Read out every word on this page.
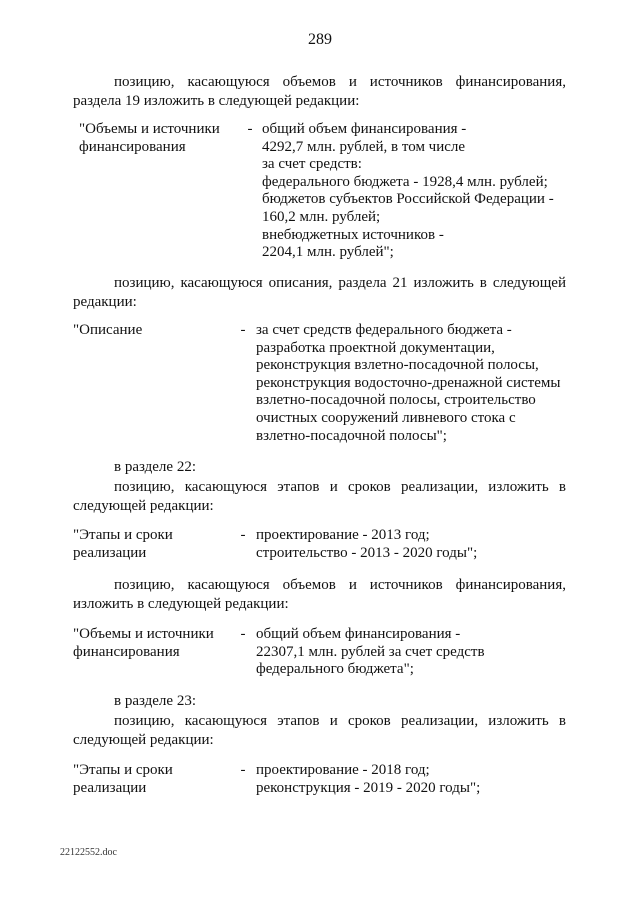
289
позицию, касающуюся объемов и источников финансирования,
раздела 19 изложить в следующей редакции:
"Объемы и источники
финансирования
- общий объем финансирования -
4292,7 млн. рублей, в том числе
за счет средств:
федерального бюджета - 1928,4 млн. рублей;
бюджетов субъектов Российской Федерации -
160,2 млн. рублей;
внебюджетных источников -
2204,1 млн. рублей";
позицию, касающуюся описания, раздела 21 изложить в следующей
редакции:
"Описание	- за счет средств федерального бюджета -
разработка проектной документации,
реконструкция взлетно-посадочной полосы,
реконструкция водосточно-дренажной системы
взлетно-посадочной полосы, строительство
очистных сооружений ливневого стока с
взлетно-посадочной полосы";
в разделе 22:
позицию, касающуюся этапов и сроков реализации, изложить в
следующей редакции:
"Этапы и сроки
реализации
- проектирование - 2013 год;
строительство - 2013 - 2020 годы";
позицию, касающуюся объемов и источников финансирования,
изложить в следующей редакции:
"Объемы и источники
финансирования
- общий объем финансирования -
22307,1 млн. рублей за счет средств
федерального бюджета";
в разделе 23:
позицию, касающуюся этапов и сроков реализации, изложить в
следующей редакции:
"Этапы и сроки
реализации
- проектирование - 2018 год;
реконструкция - 2019 - 2020 годы";
22122552.doc
